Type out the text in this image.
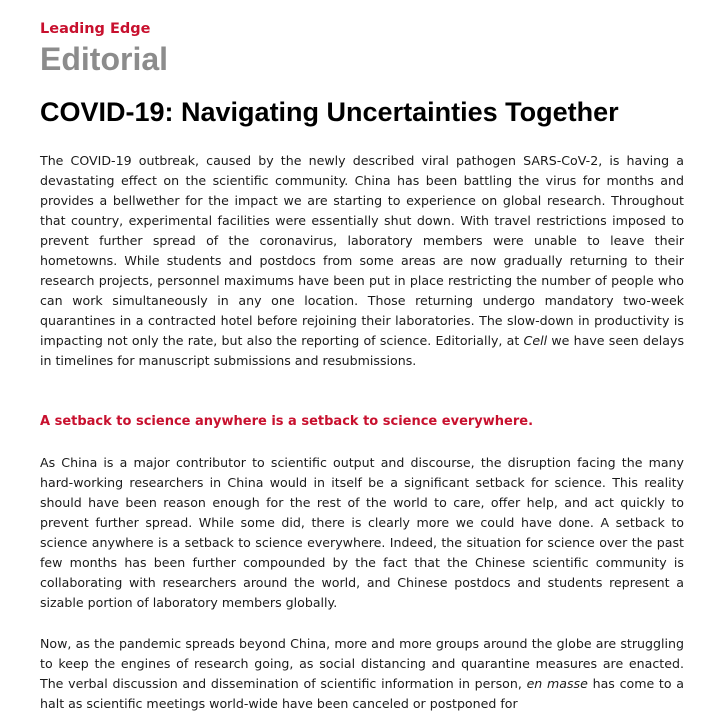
Leading Edge
Editorial
COVID-19: Navigating Uncertainties Together

The COVID-19 outbreak, caused by the newly described viral pathogen SARS-CoV-2, is having a devastating effect on the scientific community. China has been battling the virus for months and provides a bellwether for the impact we are starting to experience on global research. Throughout that country, experimental facilities were essentially shut down. With travel restrictions imposed to prevent further spread of the coronavirus, laboratory members were unable to leave their hometowns. While students and postdocs from some areas are now gradually returning to their research projects, personnel maximums have been put in place restricting the number of people who can work simultaneously in any one location. Those returning undergo mandatory two-week quarantines in a contracted hotel before rejoining their laboratories. The slow-down in productivity is impacting not only the rate, but also the reporting of science. Editorially, at Cell we have seen delays in timelines for manuscript submissions and resubmissions.

A setback to science anywhere is a setback to science everywhere.

As China is a major contributor to scientific output and discourse, the disruption facing the many hard-working researchers in China would in itself be a significant setback for science. This reality should have been reason enough for the rest of the world to care, offer help, and act quickly to prevent further spread. While some did, there is clearly more we could have done. A setback to science anywhere is a setback to science everywhere. Indeed, the situation for science over the past few months has been further compounded by the fact that the Chinese scientific community is collaborating with researchers around the world, and Chinese postdocs and students represent a sizable portion of laboratory members globally.

Now, as the pandemic spreads beyond China, more and more groups around the globe are struggling to keep the engines of research going, as social distancing and quarantine measures are enacted. The verbal discussion and dissemination of scientific information in person, en masse has come to a halt as scientific meetings world-wide have been canceled or postponed for
